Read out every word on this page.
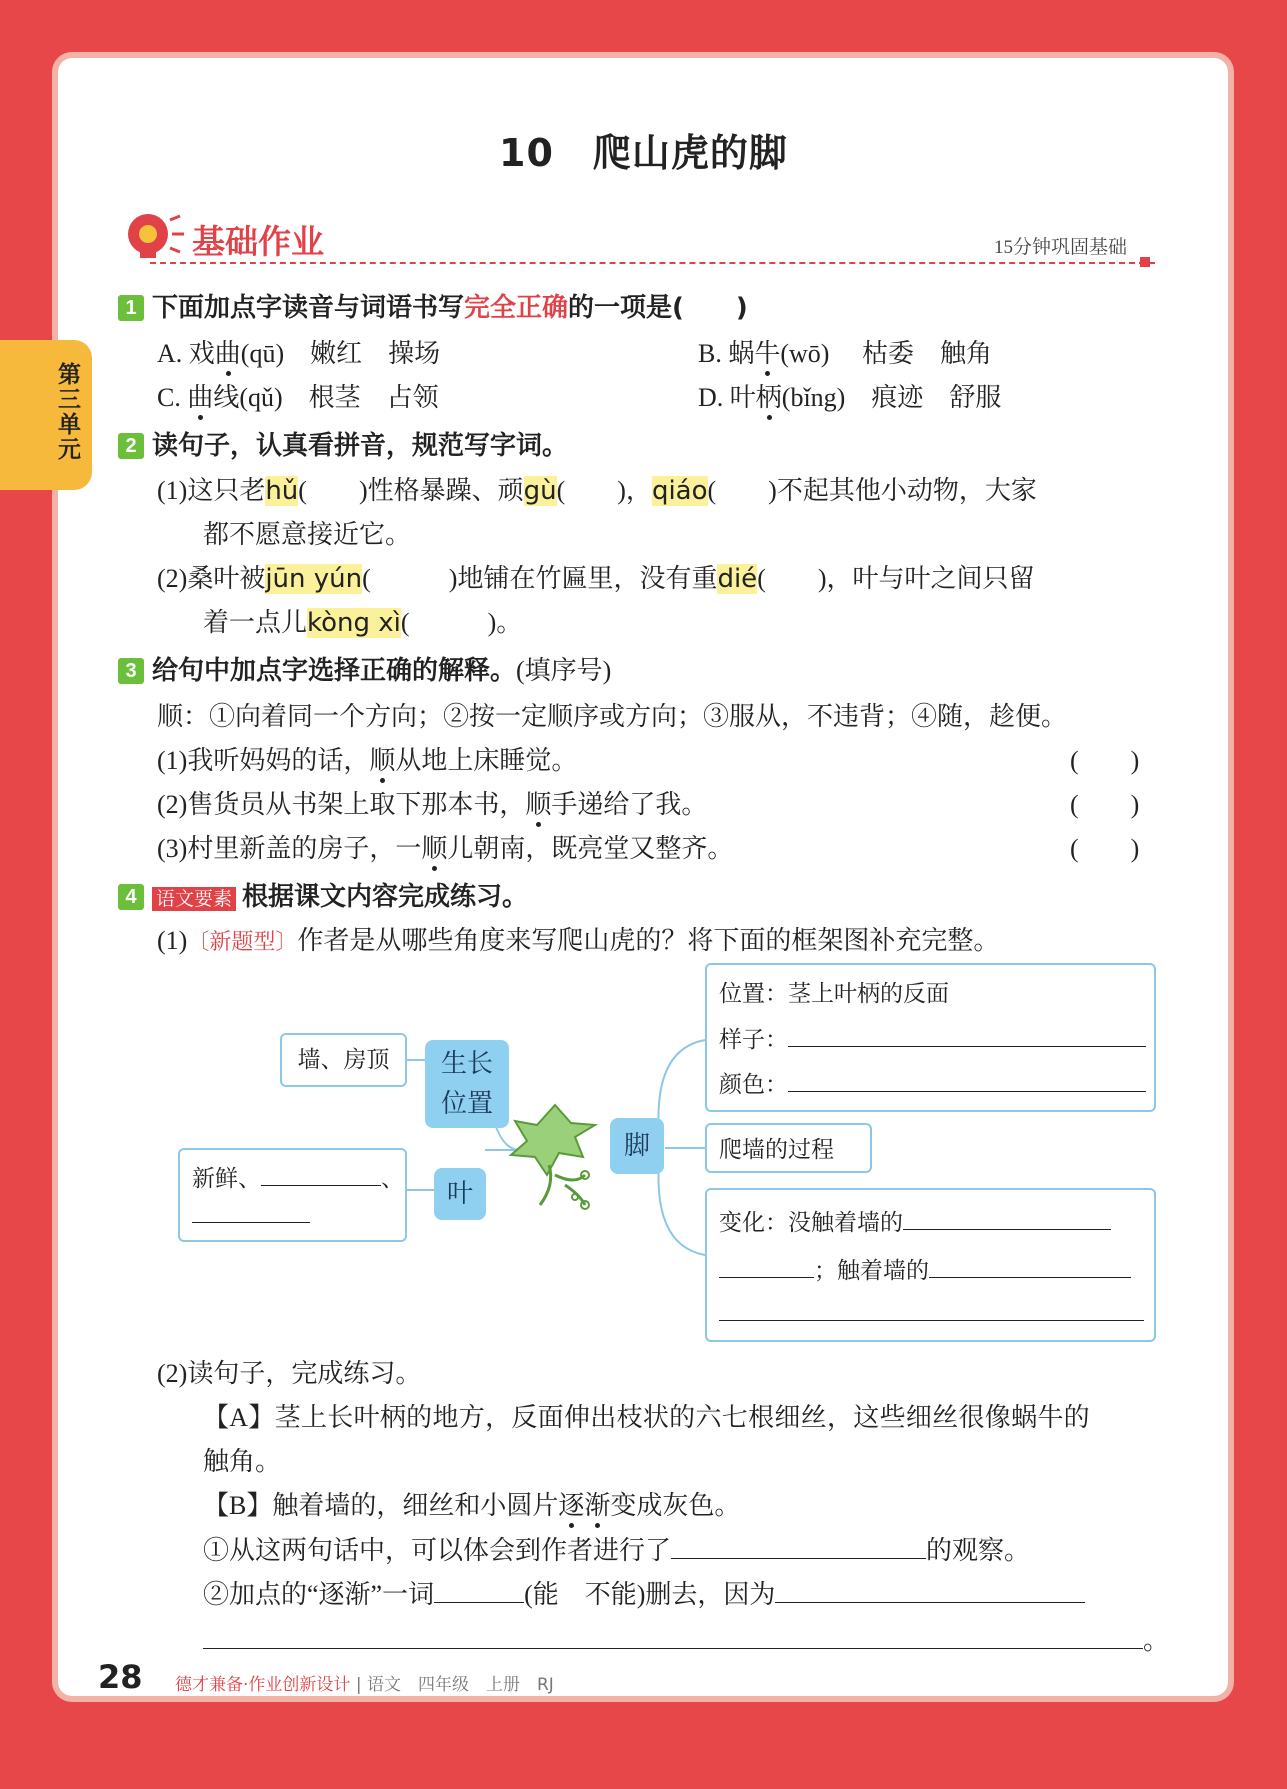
第三单元
10　爬山虎的脚
基础作业	15分钟巩固基础
1 下面加点字读音与词语书写完全正确的一项是(　　)
A. 戏曲(qū)　嫩红　操场	B. 蜗牛(wō)　 枯委　触角
C. 曲线(qǔ)　根茎　占领	D. 叶柄(bǐng)　痕迹　舒服
2 读句子，认真看拼音，规范写字词。
(1)这只老hǔ(　　)性格暴躁、顽gù(　　)，qiáo(　　)不起其他小动物，大家
都不愿意接近它。
(2)桑叶被jūn yún(　　　)地铺在竹匾里，没有重dié(　　)，叶与叶之间只留
着一点儿kòng xì(　　　)。
3 给句中加点字选择正确的解释。(填序号)
顺：①向着同一个方向；②按一定顺序或方向；③服从，不违背；④随，趁便。
(1)我听妈妈的话，顺从地上床睡觉。	(　　)
(2)售货员从书架上取下那本书，顺手递给了我。	(　　)
(3)村里新盖的房子，一顺儿朝南，既亮堂又整齐。	(　　)
4 语文要素 根据课文内容完成练习。
(1)〔新题型〕作者是从哪些角度来写爬山虎的？将下面的框架图补充完整。
墙、房顶	生长
位置
叶
新鲜、	、
脚
位置：茎上叶柄的反面
样子：
颜色：
爬墙的过程
变化：没触着墙的
；触着墙的
(2)读句子，完成练习。
【A】茎上长叶柄的地方，反面伸出枝状的六七根细丝，这些细丝很像蜗牛的
触角。
【B】触着墙的，细丝和小圆片逐渐变成灰色。
①从这两句话中，可以体会到作者进行了	的观察。
②加点的“逐渐”一词	(能　不能)删去，因为
。
28 德才兼备·作业创新设计 | 语文　四年级　上册　RJ
